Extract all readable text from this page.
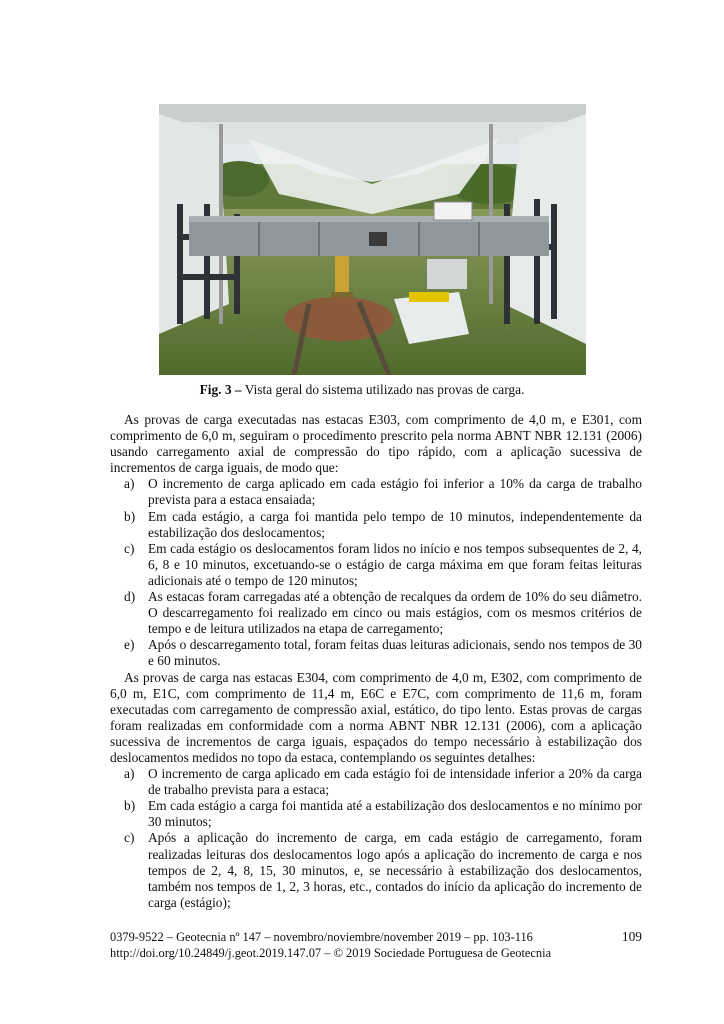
Fig. 3 – Vista geral do sistema utilizado nas provas de carga.

As provas de carga executadas nas estacas E303, com comprimento de 4,0 m, e E301, com comprimento de 6,0 m, seguiram o procedimento prescrito pela norma ABNT NBR 12.131 (2006) usando carregamento axial de compressão do tipo rápido, com a aplicação sucessiva de incrementos de carga iguais, de modo que:

a) O incremento de carga aplicado em cada estágio foi inferior a 10% da carga de trabalho prevista para a estaca ensaiada;
b) Em cada estágio, a carga foi mantida pelo tempo de 10 minutos, independentemente da estabilização dos deslocamentos;
c) Em cada estágio os deslocamentos foram lidos no início e nos tempos subsequentes de 2, 4, 6, 8 e 10 minutos, excetuando-se o estágio de carga máxima em que foram feitas leituras adicionais até o tempo de 120 minutos;
d) As estacas foram carregadas até a obtenção de recalques da ordem de 10% do seu diâmetro. O descarregamento foi realizado em cinco ou mais estágios, com os mesmos critérios de tempo e de leitura utilizados na etapa de carregamento;
e) Após o descarregamento total, foram feitas duas leituras adicionais, sendo nos tempos de 30 e 60 minutos.

As provas de carga nas estacas E304, com comprimento de 4,0 m, E302, com comprimento de 6,0 m, E1C, com comprimento de 11,4 m, E6C e E7C, com comprimento de 11,6 m, foram executadas com carregamento de compressão axial, estático, do tipo lento. Estas provas de cargas foram realizadas em conformidade com a norma ABNT NBR 12.131 (2006), com a aplicação sucessiva de incrementos de carga iguais, espaçados do tempo necessário à estabilização dos deslocamentos medidos no topo da estaca, contemplando os seguintes detalhes:

a) O incremento de carga aplicado em cada estágio foi de intensidade inferior a 20% da carga de trabalho prevista para a estaca;
b) Em cada estágio a carga foi mantida até a estabilização dos deslocamentos e no mínimo por 30 minutos;
c) Após a aplicação do incremento de carga, em cada estágio de carregamento, foram realizadas leituras dos deslocamentos logo após a aplicação do incremento de carga e nos tempos de 2, 4, 8, 15, 30 minutos, e, se necessário à estabilização dos deslocamentos, também nos tempos de 1, 2, 3 horas, etc., contados do início da aplicação do incremento de carga (estágio);
0379-9522 – Geotecnia nº 147 – novembro/noviembre/november 2019 – pp. 103-116
http://doi.org/10.24849/j.geot.2019.147.07 – © 2019 Sociedade Portuguesa de Geotecnia
109
